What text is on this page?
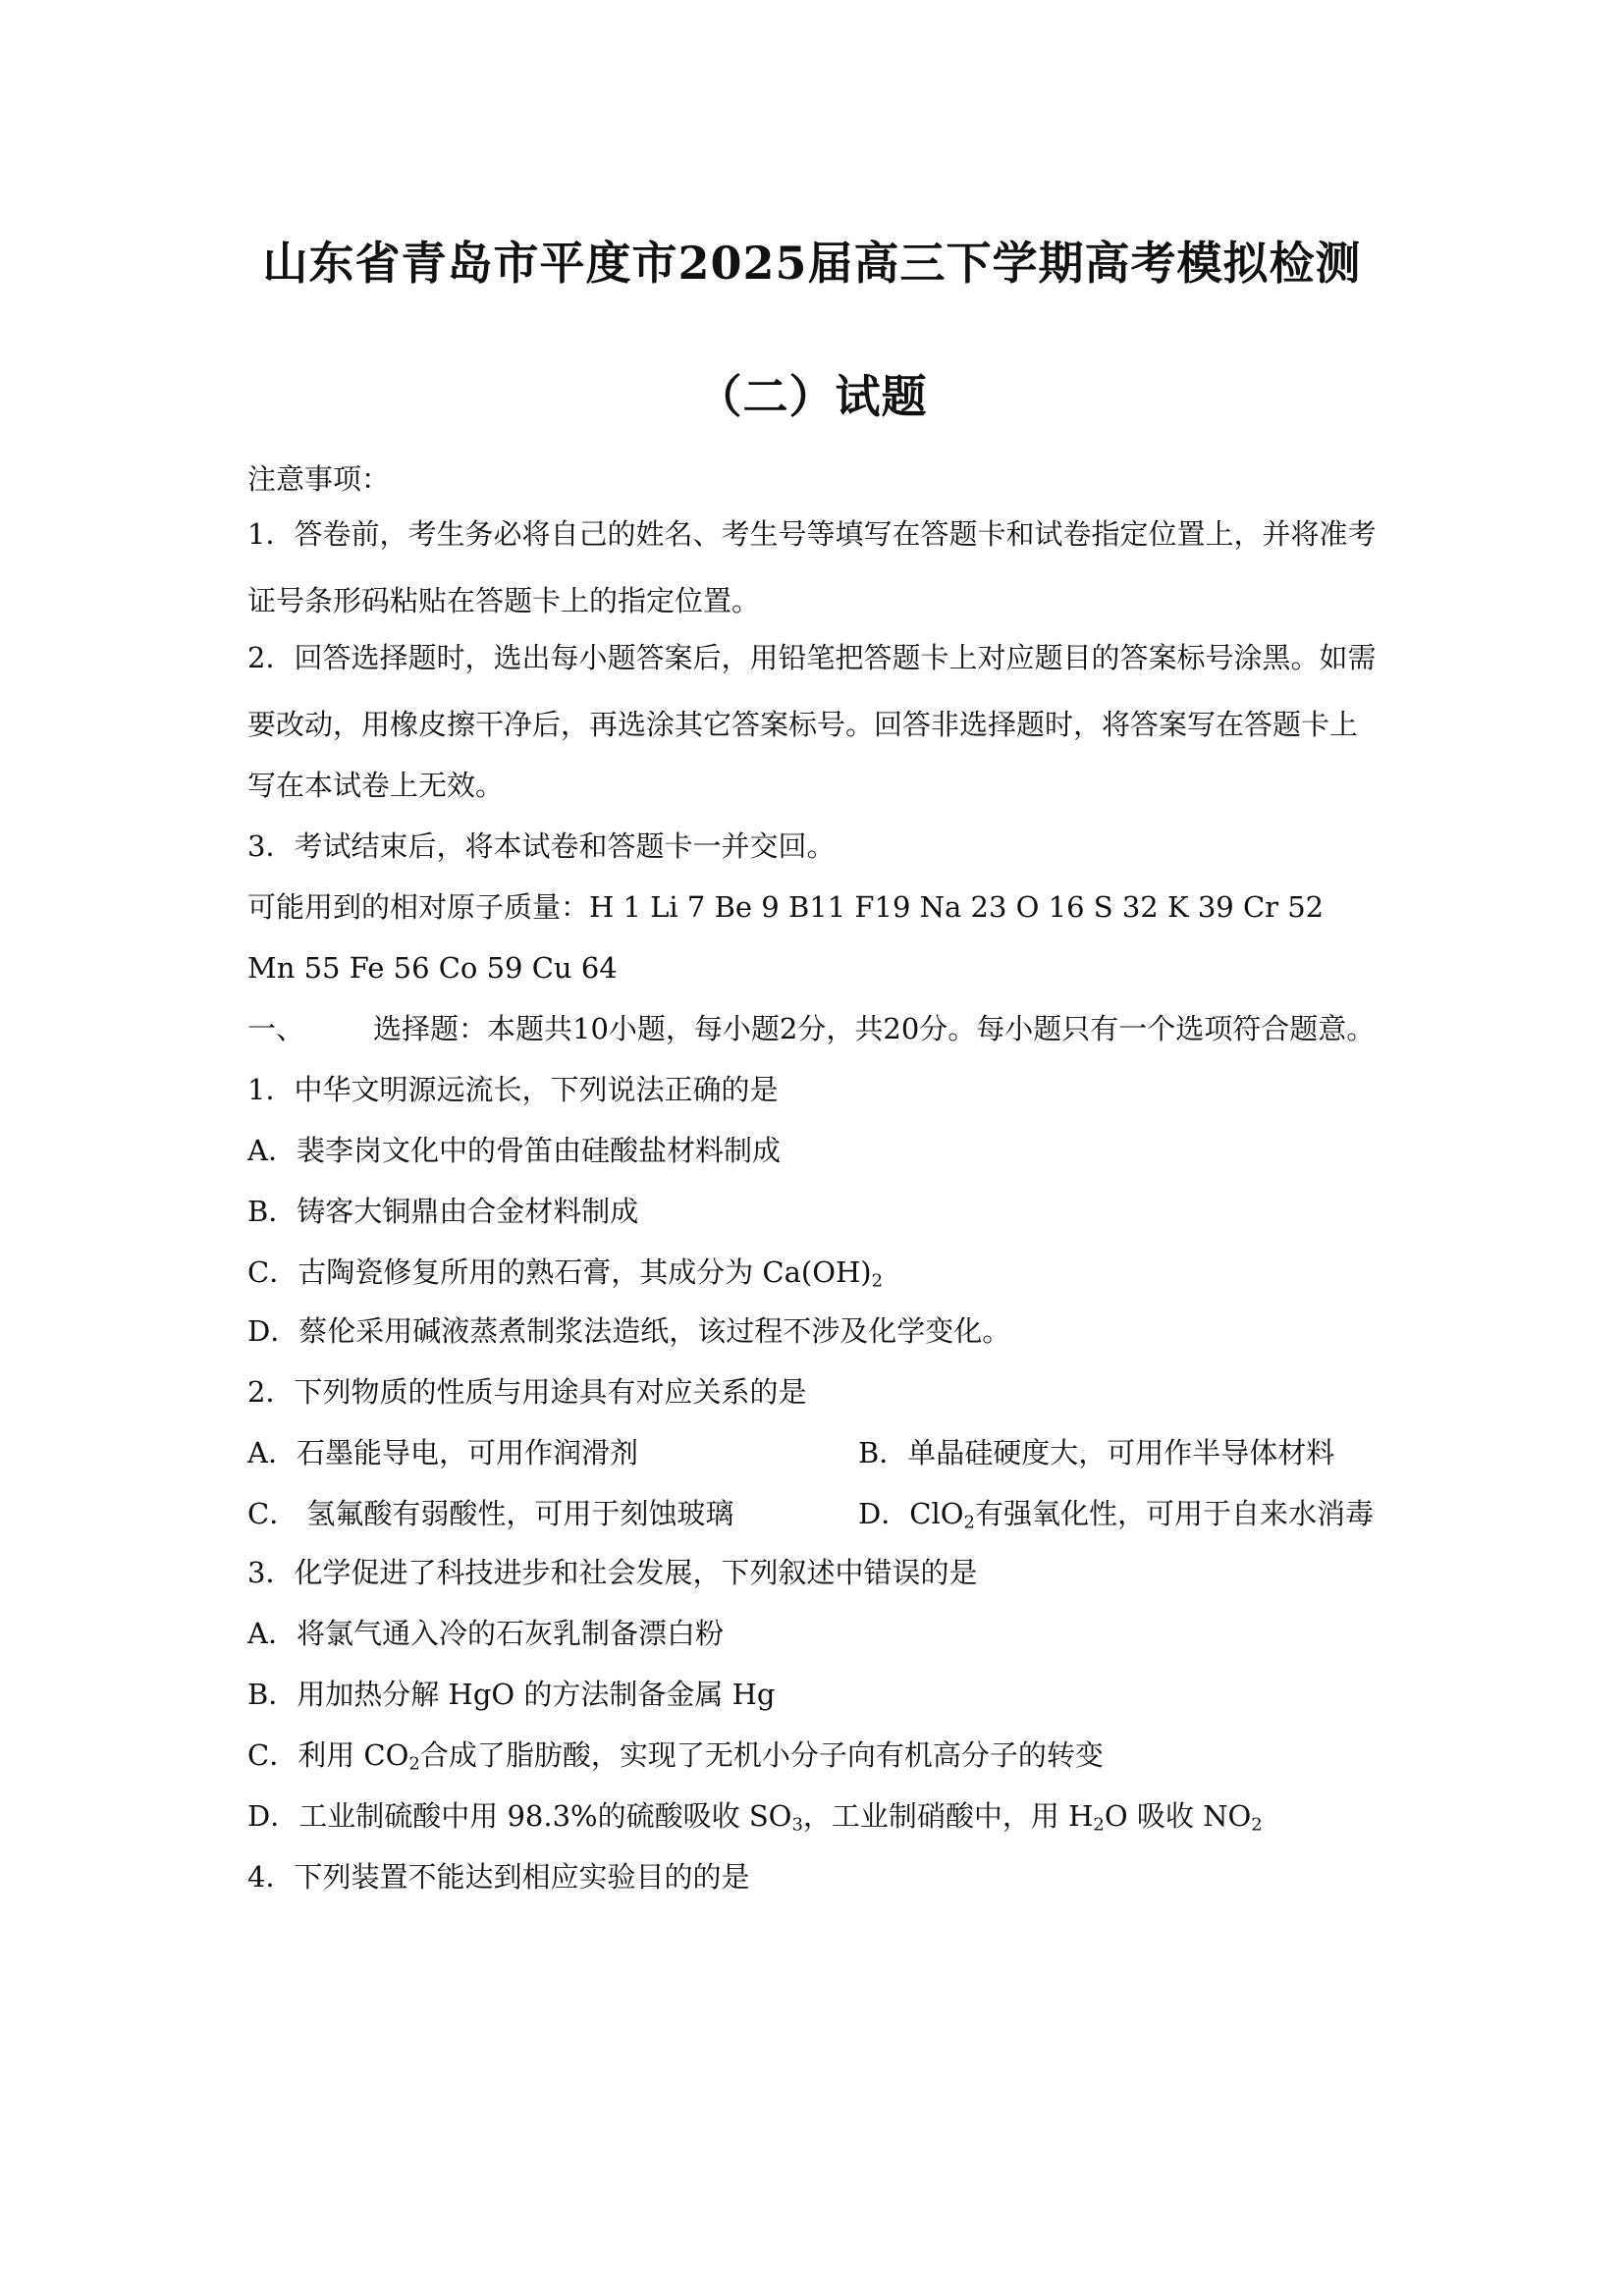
山东省青岛市平度市2025届高三下学期高考模拟检测
（二）试题
注意事项：
1．答卷前，考生务必将自己的姓名、考生号等填写在答题卡和试卷指定位置上，并将准考
证号条形码粘贴在答题卡上的指定位置。
2．回答选择题时，选出每小题答案后，用铅笔把答题卡上对应题目的答案标号涂黑。如需
要改动，用橡皮擦干净后，再选涂其它答案标号。回答非选择题时，将答案写在答题卡上
写在本试卷上无效。
3．考试结束后，将本试卷和答题卡一并交回。
可能用到的相对原子质量：H 1 Li 7 Be 9 B11 F19 Na 23 O 16 S 32 K 39 Cr 52
Mn 55 Fe 56 Co 59 Cu 64
一、 选择题：本题共10小题，每小题2分，共20分。每小题只有一个选项符合题意。
1．中华文明源远流长，下列说法正确的是
A．裴李岗文化中的骨笛由硅酸盐材料制成
B．铸客大铜鼎由合金材料制成
C．古陶瓷修复所用的熟石膏，其成分为 $Ca(OH)_2$
D．蔡伦采用碱液蒸煮制浆法造纸，该过程不涉及化学变化。
2．下列物质的性质与用途具有对应关系的是
A．石墨能导电，可用作润滑剂	B．单晶硅硬度大，可用作半导体材料
C． 氢氟酸有弱酸性，可用于刻蚀玻璃	D．ClO$_2$有强氧化性，可用于自来水消毒
3．化学促进了科技进步和社会发展，下列叙述中错误的是
A．将氯气通入冷的石灰乳制备漂白粉
B．用加热分解 HgO 的方法制备金属 Hg
C．利用 $CO_2$合成了脂肪酸，实现了无机小分子向有机高分子的转变
D．工业制硫酸中用 98.3%的硫酸吸收 $SO_3$，工业制硝酸中，用 $H_2O$ 吸收 $NO_2$
4．下列装置不能达到相应实验目的的是
